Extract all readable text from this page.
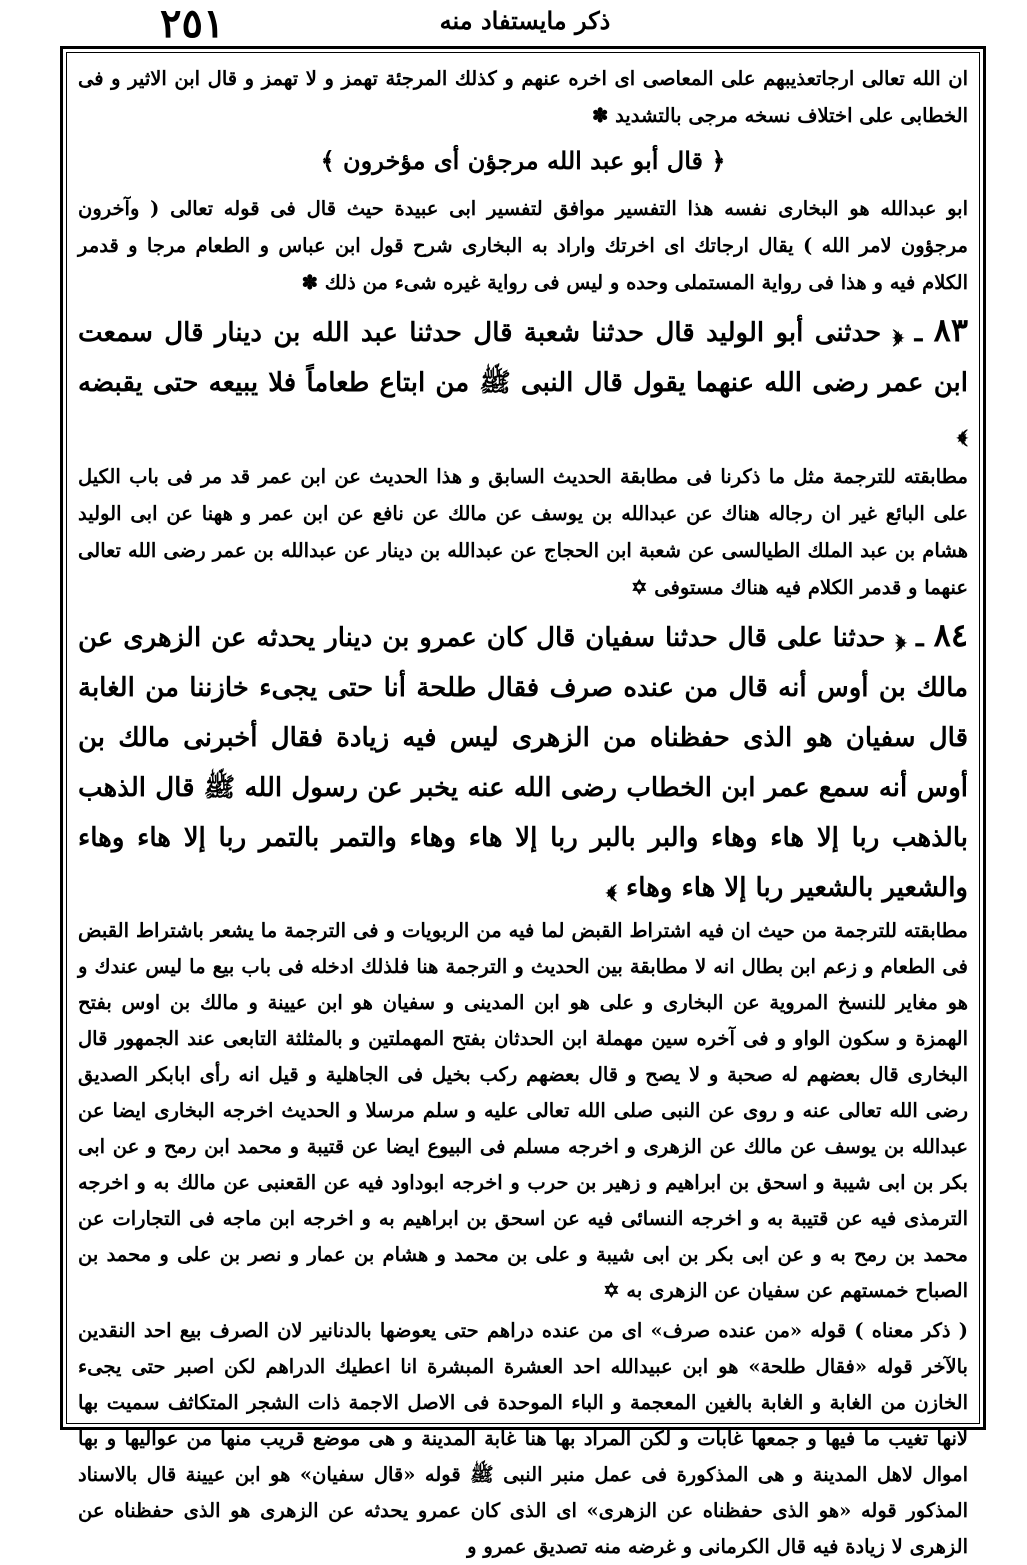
٢٥١	ذکر مایستفاد منه

ان الله تعالى ارجاتعذيبهم على المعاصى اى اخره عنهم و كذلك المرجئة تهمز و لا تهمز و قال ابن الاثير و فى الخطابى على اختلاف نسخه مرجى بالتشديد ✽

﴿ قال أبو عبد الله مرجؤن أى مؤخرون ﴾

ابو عبدالله هو البخارى نفسه هذا التفسير موافق لتفسير ابى عبيدة حيث قال فى قوله تعالى ( وآخرون مرجؤون لامر الله ) يقال ارجاتك اى اخرتك واراد به البخارى شرح قول ابن عباس و الطعام مرجا و قدمر الكلام فيه و هذا فى رواية المستملى وحده و ليس فى رواية غيره شىء من ذلك ✽

٨٣ ـ ﴿ حدثنى أبو الوليد قال حدثنا شعبة قال حدثنا عبد الله بن دينار قال سمعت ابن عمر رضى الله عنهما يقول قال النبى ﷺ من ابتاع طعاماً فلا يبيعه حتى يقبضه ﴾

مطابقته للترجمة مثل ما ذكرنا فى مطابقة الحديث السابق و هذا الحديث عن ابن عمر قد مر فى باب الكيل على البائع غير ان رجاله هناك عن عبدالله بن يوسف عن مالك عن نافع عن ابن عمر و ههنا عن ابى الوليد هشام بن عبد الملك الطيالسى عن شعبة ابن الحجاج عن عبدالله بن دينار عن عبدالله بن عمر رضى الله تعالى عنهما و قدمر الكلام فيه هناك مستوفى ✡

٨٤ ـ ﴿ حدثنا على قال حدثنا سفيان قال كان عمرو بن دينار يحدثه عن الزهرى عن مالك بن أوس أنه قال من عنده صرف فقال طلحة أنا حتى يجىء خازننا من الغابة قال سفيان هو الذى حفظناه من الزهرى ليس فيه زيادة فقال أخبرنى مالك بن أوس أنه سمع عمر ابن الخطاب رضى الله عنه يخبر عن رسول الله ﷺ قال الذهب بالذهب ربا إلا هاء وهاء والبر بالبر ربا إلا هاء وهاء والتمر بالتمر ربا إلا هاء وهاء والشعير بالشعير ربا إلا هاء وهاء ﴾

مطابقته للترجمة من حيث ان فيه اشتراط القبض لما فيه من الربويات و فى الترجمة ما يشعر باشتراط القبض فى الطعام و زعم ابن بطال انه لا مطابقة بين الحديث و الترجمة هنا فلذلك ادخله فى باب بيع ما ليس عندك و هو مغاير للنسخ المروية عن البخارى و على هو ابن المدينى و سفيان هو ابن عيينة و مالك بن اوس بفتح الهمزة و سكون الواو و فى آخره سين مهملة ابن الحدثان بفتح المهملتين و بالمثلثة التابعى عند الجمهور قال البخارى قال بعضهم له صحبة و لا يصح و قال بعضهم ركب بخيل فى الجاهلية و قيل انه رأى ابابكر الصديق رضى الله تعالى عنه و روى عن النبى صلى الله تعالى عليه و سلم مرسلا و الحديث اخرجه البخارى ايضا عن عبدالله بن يوسف عن مالك عن الزهرى و اخرجه مسلم فى البيوع ايضا عن قتيبة و محمد ابن رمح و عن ابى بكر بن ابى شيبة و اسحق بن ابراهيم و زهير بن حرب و اخرجه ابوداود فيه عن القعنبى عن مالك به و اخرجه الترمذى فيه عن قتيبة به و اخرجه النسائى فيه عن اسحق بن ابراهيم به و اخرجه ابن ماجه فى التجارات عن محمد بن رمح به و عن ابى بكر بن ابى شيبة و على بن محمد و هشام بن عمار و نصر بن على و محمد بن الصباح خمستهم عن سفيان عن الزهرى به ✡

( ذكر معناه ) قوله «من عنده صرف» اى من عنده دراهم حتى يعوضها بالدنانير لان الصرف بيع احد النقدين بالآخر قوله «فقال طلحة» هو ابن عبيدالله احد العشرة المبشرة انا اعطيك الدراهم لكن اصبر حتى يجىء الخازن من الغابة و الغابة بالغين المعجمة و الباء الموحدة فى الاصل الاجمة ذات الشجر المتكاثف سميت بها لانها تغيب ما فيها و جمعها غابات و لكن المراد بها هنا غابة المدينة و هى موضع قريب منها من عواليها و بها اموال لاهل المدينة و هى المذكورة فى عمل منبر النبى ﷺ قوله «قال سفيان» هو ابن عيينة قال بالاسناد المذكور قوله «هو الذى حفظناه عن الزهرى» اى الذى كان عمرو يحدثه عن الزهرى هو الذى حفظناه عن الزهرى لا زيادة فيه قال الكرمانى و غرضه منه تصديق عمرو و
